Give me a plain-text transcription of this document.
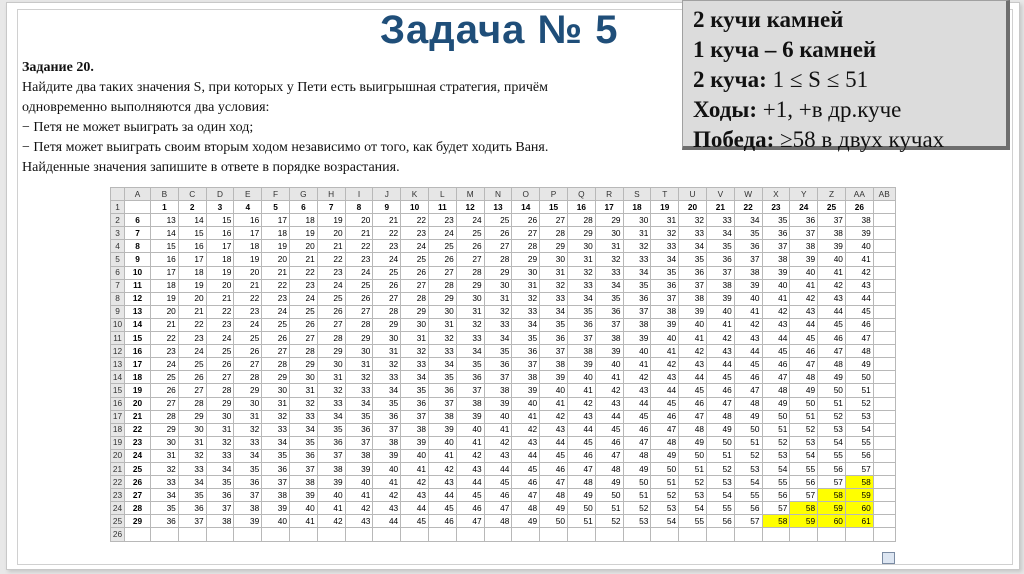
Задача № 5	2 кучи камней
1 куча – 6 камней
2 куча: 1 ≤ S ≤ 51
Ходы: +1, +в др.куче
Победа: ≥58 в двух кучах
Задание 20.
Найдите два таких значения S, при которых у Пети есть выигрышная стратегия, причём
одновременно выполняются два условия:
− Петя не может выиграть за один ход;
− Петя может выиграть своим вторым ходом независимо от того, как будет ходить Ваня.
Найденные значения запишите в ответе в порядке возрастания.
	A	B	C	D	E	F	G	H	I	J	K	L	M	N	O	P	Q	R	S	T	U	V	W	X	Y	Z	AA	AB
1		1	2	3	4	5	6	7	8	9	10	11	12	13	14	15	16	17	18	19	20	21	22	23	24	25	26	
2	6	13	14	15	16	17	18	19	20	21	22	23	24	25	26	27	28	29	30	31	32	33	34	35	36	37	38	
3	7	14	15	16	17	18	19	20	21	22	23	24	25	26	27	28	29	30	31	32	33	34	35	36	37	38	39	
4	8	15	16	17	18	19	20	21	22	23	24	25	26	27	28	29	30	31	32	33	34	35	36	37	38	39	40	
5	9	16	17	18	19	20	21	22	23	24	25	26	27	28	29	30	31	32	33	34	35	36	37	38	39	40	41	
6	10	17	18	19	20	21	22	23	24	25	26	27	28	29	30	31	32	33	34	35	36	37	38	39	40	41	42	
7	11	18	19	20	21	22	23	24	25	26	27	28	29	30	31	32	33	34	35	36	37	38	39	40	41	42	43	
8	12	19	20	21	22	23	24	25	26	27	28	29	30	31	32	33	34	35	36	37	38	39	40	41	42	43	44	
9	13	20	21	22	23	24	25	26	27	28	29	30	31	32	33	34	35	36	37	38	39	40	41	42	43	44	45	
10	14	21	22	23	24	25	26	27	28	29	30	31	32	33	34	35	36	37	38	39	40	41	42	43	44	45	46	
11	15	22	23	24	25	26	27	28	29	30	31	32	33	34	35	36	37	38	39	40	41	42	43	44	45	46	47	
12	16	23	24	25	26	27	28	29	30	31	32	33	34	35	36	37	38	39	40	41	42	43	44	45	46	47	48	
13	17	24	25	26	27	28	29	30	31	32	33	34	35	36	37	38	39	40	41	42	43	44	45	46	47	48	49	
14	18	25	26	27	28	29	30	31	32	33	34	35	36	37	38	39	40	41	42	43	44	45	46	47	48	49	50	
15	19	26	27	28	29	30	31	32	33	34	35	36	37	38	39	40	41	42	43	44	45	46	47	48	49	50	51	
16	20	27	28	29	30	31	32	33	34	35	36	37	38	39	40	41	42	43	44	45	46	47	48	49	50	51	52	
17	21	28	29	30	31	32	33	34	35	36	37	38	39	40	41	42	43	44	45	46	47	48	49	50	51	52	53	
18	22	29	30	31	32	33	34	35	36	37	38	39	40	41	42	43	44	45	46	47	48	49	50	51	52	53	54	
19	23	30	31	32	33	34	35	36	37	38	39	40	41	42	43	44	45	46	47	48	49	50	51	52	53	54	55	
20	24	31	32	33	34	35	36	37	38	39	40	41	42	43	44	45	46	47	48	49	50	51	52	53	54	55	56	
21	25	32	33	34	35	36	37	38	39	40	41	42	43	44	45	46	47	48	49	50	51	52	53	54	55	56	57	
22	26	33	34	35	36	37	38	39	40	41	42	43	44	45	46	47	48	49	50	51	52	53	54	55	56	57	58	
23	27	34	35	36	37	38	39	40	41	42	43	44	45	46	47	48	49	50	51	52	53	54	55	56	57	58	59	
24	28	35	36	37	38	39	40	41	42	43	44	45	46	47	48	49	50	51	52	53	54	55	56	57	58	59	60	
25	29	36	37	38	39	40	41	42	43	44	45	46	47	48	49	50	51	52	53	54	55	56	57	58	59	60	61	
26																												
